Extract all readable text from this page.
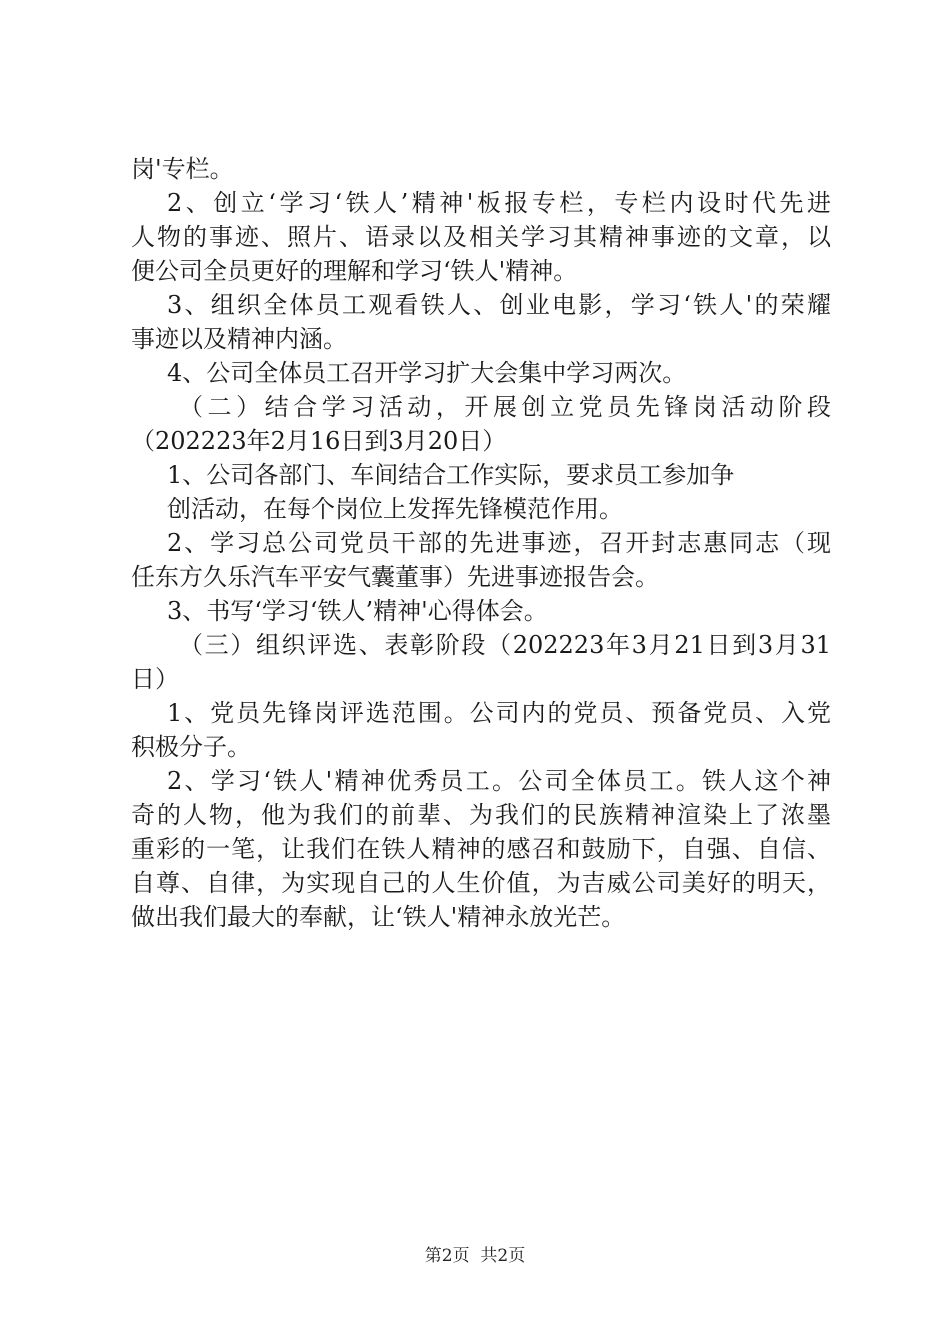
岗'专栏。
2、创立‘学习‘铁人’精神'板报专栏，专栏内设时代先进
人物的事迹、照片、语录以及相关学习其精神事迹的文章，以
便公司全员更好的理解和学习‘铁人'精神。
3、组织全体员工观看铁人、创业电影，学习‘铁人'的荣耀
事迹以及精神内涵。
4、公司全体员工召开学习扩大会集中学习两次。
（二）结合学习活动，开展创立党员先锋岗活动阶段
（202223年2月16日到3月20日）
1、公司各部门、车间结合工作实际，要求员工参加争
创活动，在每个岗位上发挥先锋模范作用。
2、学习总公司党员干部的先进事迹，召开封志惠同志（现
任东方久乐汽车平安气囊董事）先进事迹报告会。
3、书写‘学习‘铁人’精神'心得体会。
（三）组织评选、表彰阶段（202223年3月21日到3月31
日）
1、党员先锋岗评选范围。公司内的党员、预备党员、入党
积极分子。
2、学习‘铁人'精神优秀员工。公司全体员工。铁人这个神
奇的人物，他为我们的前辈、为我们的民族精神渲染上了浓墨
重彩的一笔，让我们在铁人精神的感召和鼓励下，自强、自信、
自尊、自律，为实现自己的人生价值，为吉威公司美好的明天，
做出我们最大的奉献，让‘铁人'精神永放光芒。
第2页  共2页
